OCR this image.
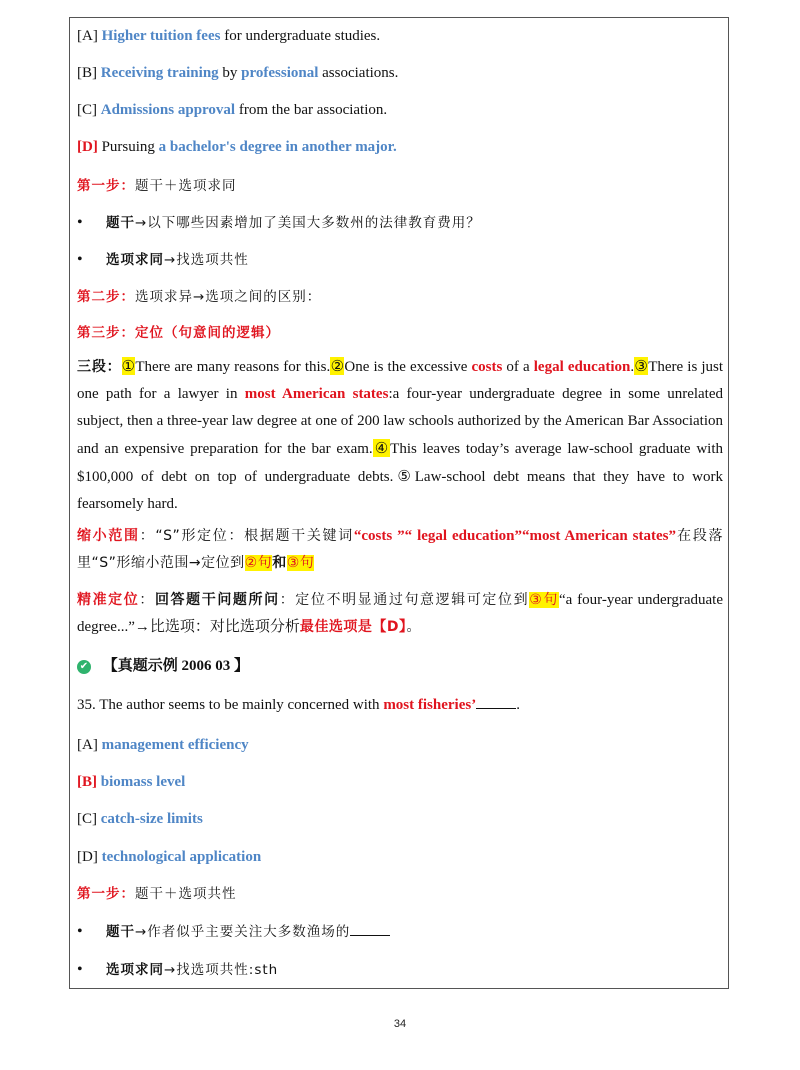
[A] Higher tuition fees for undergraduate studies.
[B] Receiving training by professional associations.
[C] Admissions approval from the bar association.
[D] Pursuing a bachelor's degree in another major.
第一步：题干＋选项求同
• 题干→以下哪些因素增加了美国大多数州的法律教育费用？
• 选项求同→找选项共性
第二步：选项求异→选项之间的区别：
第三步：定位（句意间的逻辑）
三段：①There are many reasons for this.②One is the excessive costs of a legal education.③There is just one path for a lawyer in most American states:a four-year undergraduate degree in some unrelated subject, then a three-year law degree at one of 200 law schools authorized by the American Bar Association and an expensive preparation for the bar exam.④This leaves today’s average law-school graduate with $100,000 of debt on top of undergraduate debts.⑤Law-school debt means that they have to work fearsomely hard.
缩小范围：“S”形定位：根据题干关键词“costs ”“ legal education”“most American states”在段落里“S”形缩小范围→定位到②句和③句
精准定位：回答题干问题所问：定位不明显通过句意逻辑可定位到③句“a four-year undergraduate degree...”→比选项：对比选项分析最佳选项是【D】。
✔ 【真题示例 2006 03 】
35. The author seems to be mainly concerned with most fisheries’	.
[A] management efficiency
[B] biomass level
[C] catch-size limits
[D] technological application
第一步：题干＋选项共性
• 题干→作者似乎主要关注大多数渔场的
• 选项求同→找选项共性:sth
34
